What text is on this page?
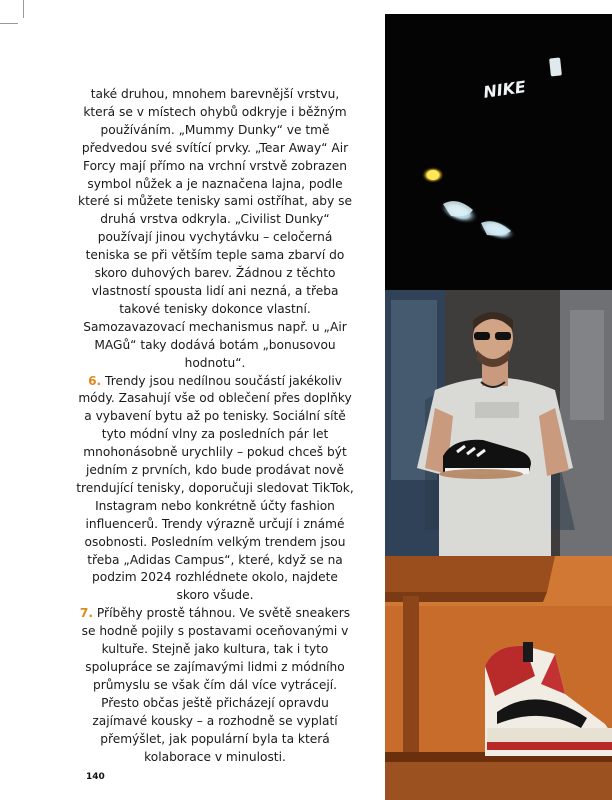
také druhou, mnohem barevnější vrstvu, která se v místech ohybů odkryje i běžným používáním. „Mummy Dunky“ ve tmě předvedou své svítící prvky. „Tear Away“ Air Forcy mají přímo na vrchní vrstvě zobrazen symbol nůžek a je naznačena lajna, podle které si můžete tenisky sami ostříhat, aby se druhá vrstva odkryla. „Civilist Dunky“ používají jinou vychytávku – celočerná teniska se při větším teple sama zbarví do skoro duhových barev. Žádnou z těchto vlastností spousta lidí ani nezná, a třeba takové tenisky dokonce vlastní. Samozavazovací mechanismus např. u „Air MAGů“ taky dodává botám „bonusovou hodnotu“.

6. Trendy jsou nedílnou součástí jakékoliv módy. Zasahují vše od oblečení přes doplňky a vybavení bytu až po tenisky. Sociální sítě tyto módní vlny za posledních pár let mnohonásobně urychlily – pokud chceš být jedním z prvních, kdo bude prodávat nově trendující tenisky, doporučuji sledovat TikTok, Instagram nebo konkrétně účty fashion influencerů. Trendy výrazně určují i známé osobnosti. Posledním velkým trendem jsou třeba „Adidas Campus“, které, když se na podzim 2024 rozhlédnete okolo, najdete skoro všude.

7. Příběhy prostě táhnou. Ve světě sneakers se hodně pojily s postavami oceňovanými v kultuře. Stejně jako kultura, tak i tyto spolupráce se zajímavými lidmi z módního průmyslu se však čím dál více vytrácejí. Přesto občas ještě přicházejí opravdu zajímavé kousky – a rozhodně se vyplatí přemýšlet, jak populární byla ta která kolaborace v minulosti.

140
NIKE
